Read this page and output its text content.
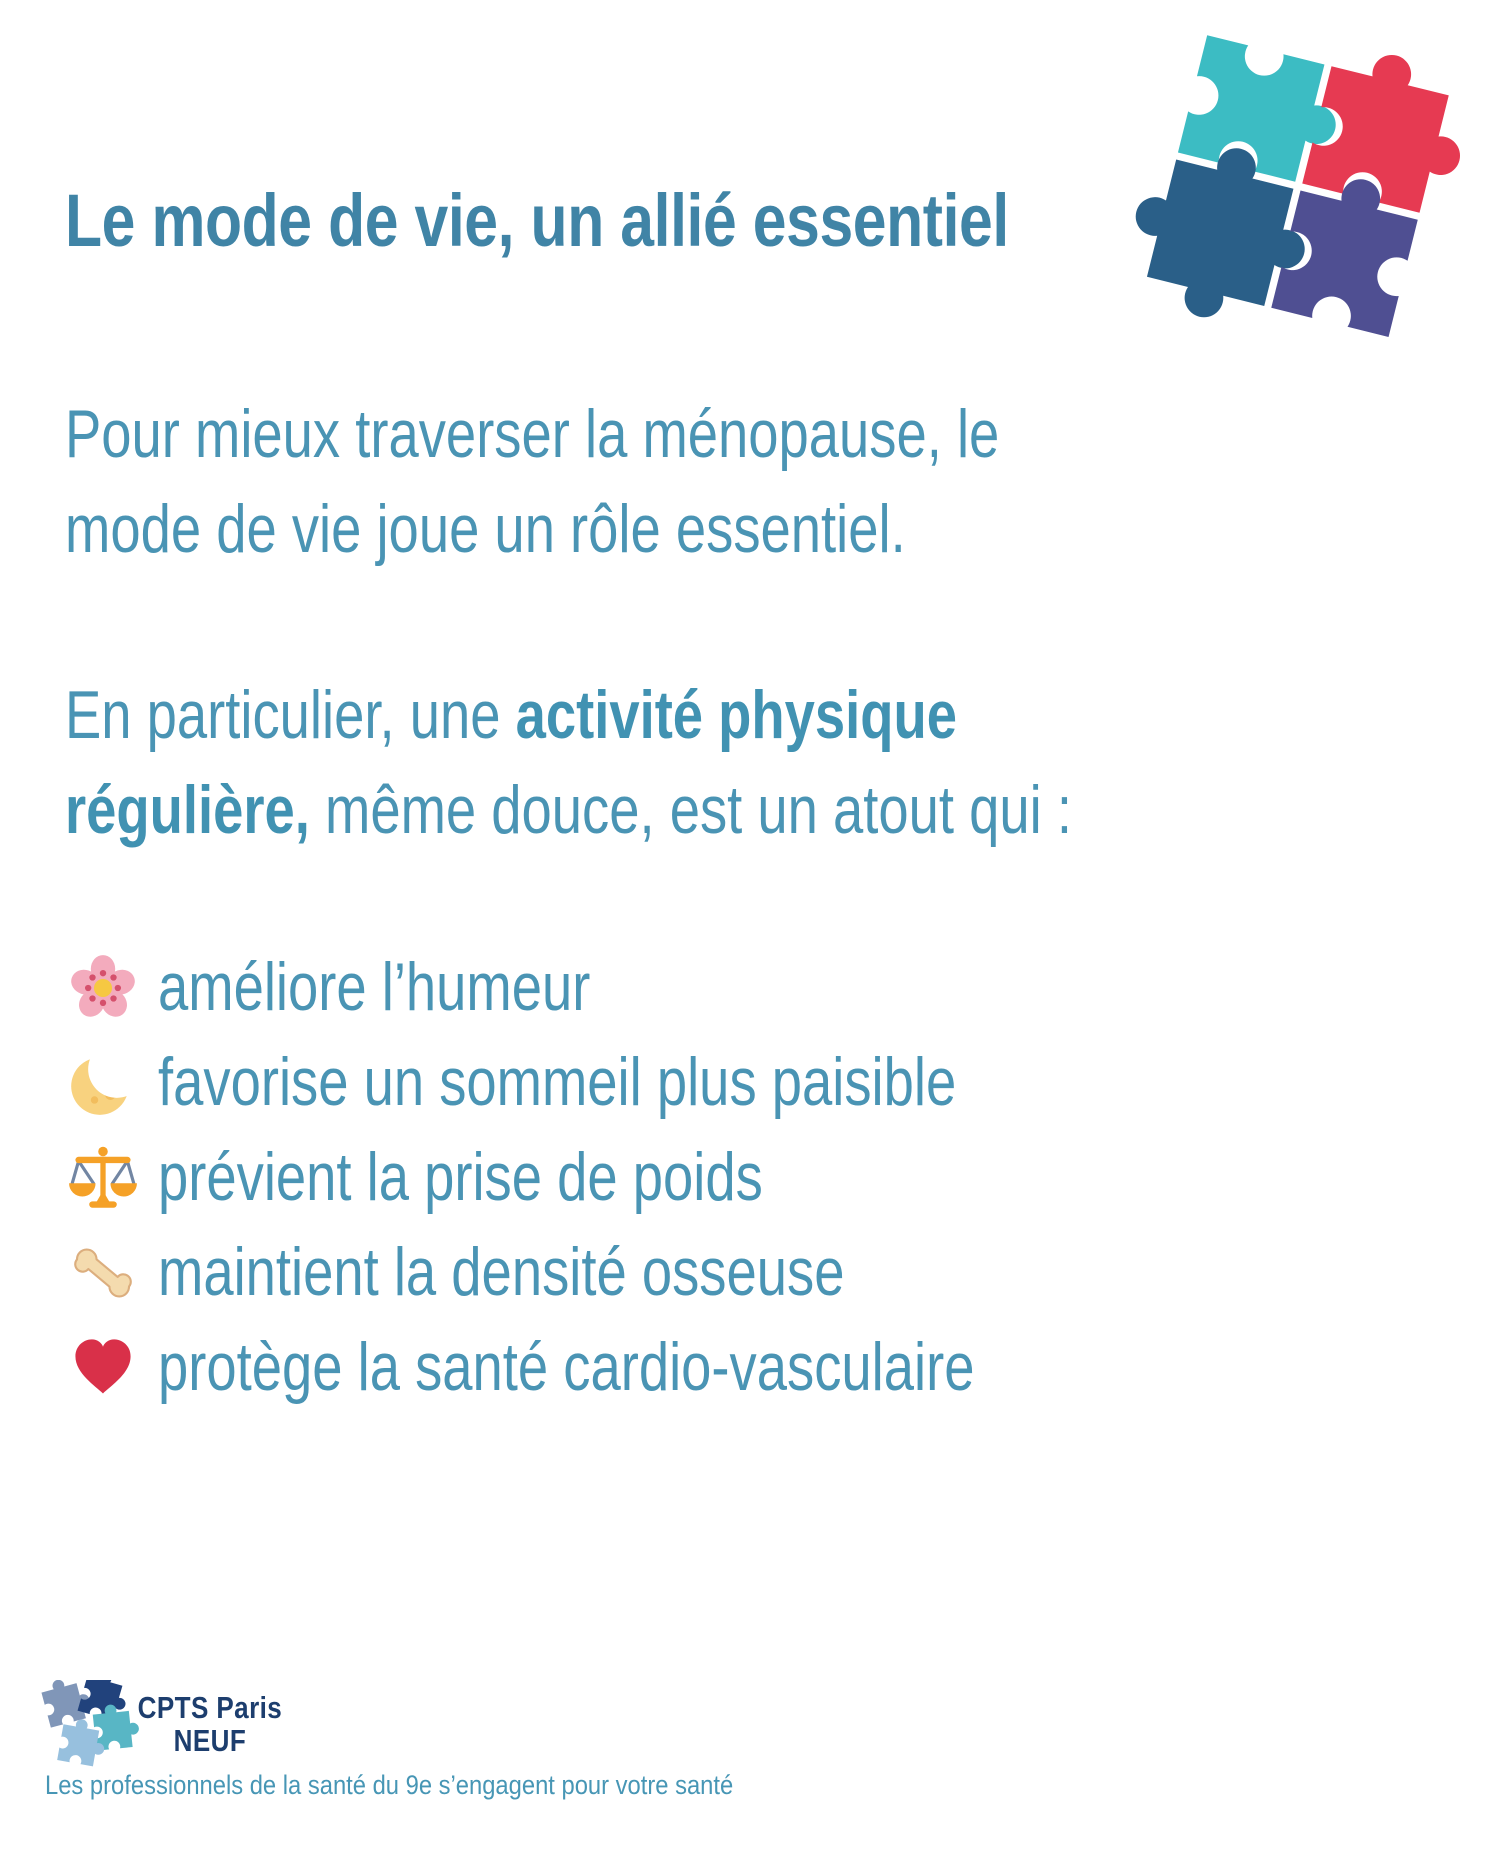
Le mode de vie, un allié essentiel

Pour mieux traverser la ménopause, le
mode de vie joue un rôle essentiel.

En particulier, une activité physique
régulière, même douce, est un atout qui :

améliore l’humeur
favorise un sommeil plus paisible
prévient la prise de poids
maintient la densité osseuse
protège la santé cardio-vasculaire
CPTS Paris
NEUF
Les professionnels de la santé du 9e s’engagent pour votre santé
